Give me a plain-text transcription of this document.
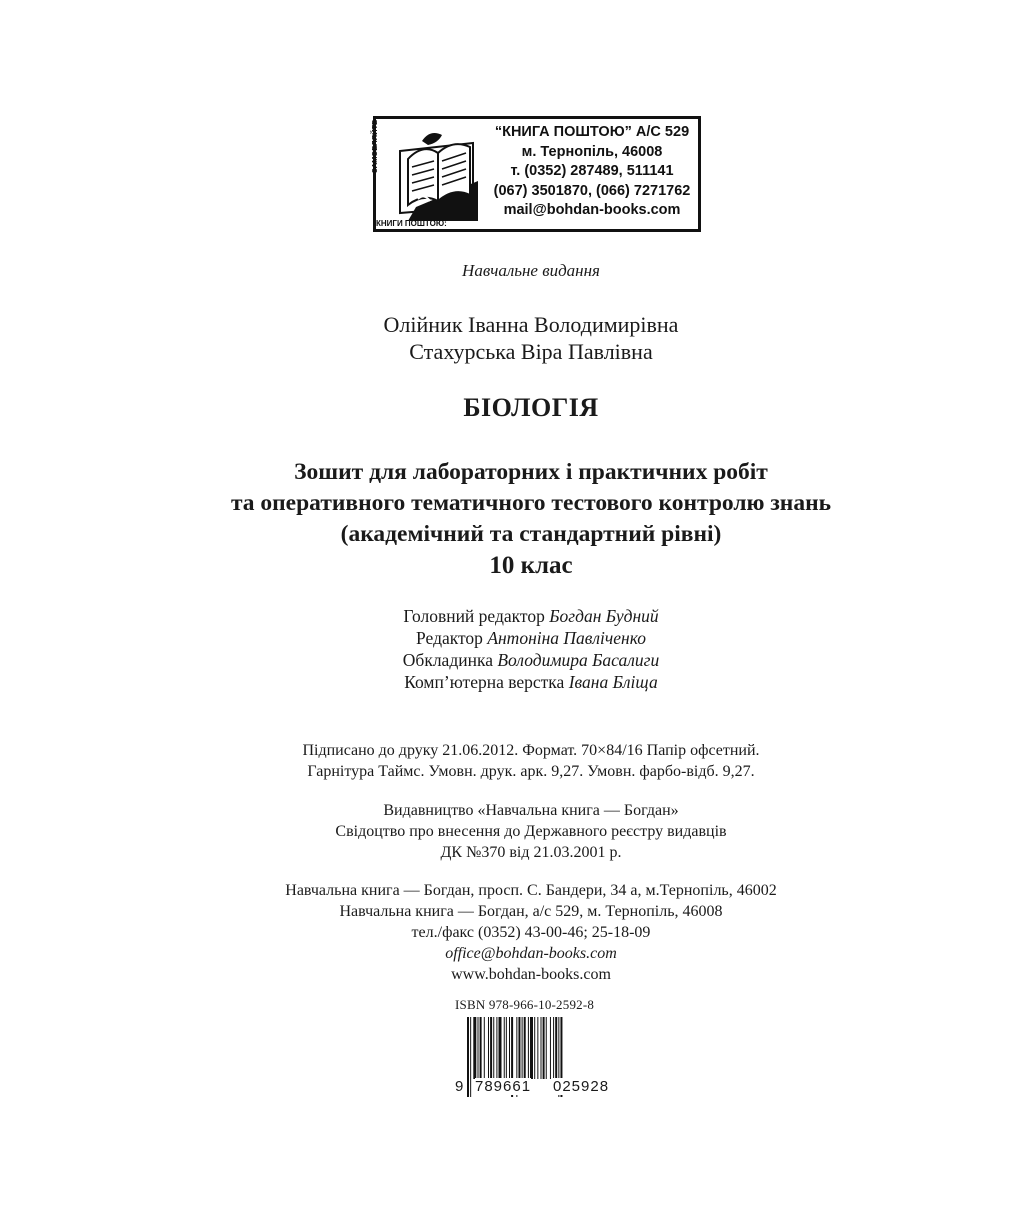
ЗАМОВЛЯЙТЕ
КНИГИ ПОШТОЮ:
“КНИГА ПОШТОЮ” А/С 529
м. Тернопіль, 46008
т. (0352) 287489, 511141
(067) 3501870, (066) 7271762
mail@bohdan-books.com
Навчальне видання
Олійник Іванна Володимирівна
Стахурська Віра Павлівна
БІОЛОГІЯ
Зошит для лабораторних і практичних робіт
та оперативного тематичного тестового контролю знань
(академічний та стандартний рівні)
10 клас
Головний редактор Богдан Будний
Редактор Антоніна Павліченко
Обкладинка Володимира Басалиги
Комп’ютерна верстка Івана Бліща
Підписано до друку 21.06.2012. Формат. 70×84/16 Папір офсетний.
Гарнітура Таймс. Умовн. друк. арк. 9,27. Умовн. фарбо-відб. 9,27.
Видавництво «Навчальна книга — Богдан»
Свідоцтво про внесення до Державного реєстру видавців
ДК №370 від 21.03.2001 р.
Навчальна книга — Богдан, просп. С. Бандери, 34 а, м.Тернопіль, 46002
Навчальна книга — Богдан, а/с 529, м. Тернопіль, 46008
тел./факс (0352) 43-00-46; 25-18-09
office@bohdan-books.com
www.bohdan-books.com
ISBN 978-966-10-2592-8
9 789661 025928
